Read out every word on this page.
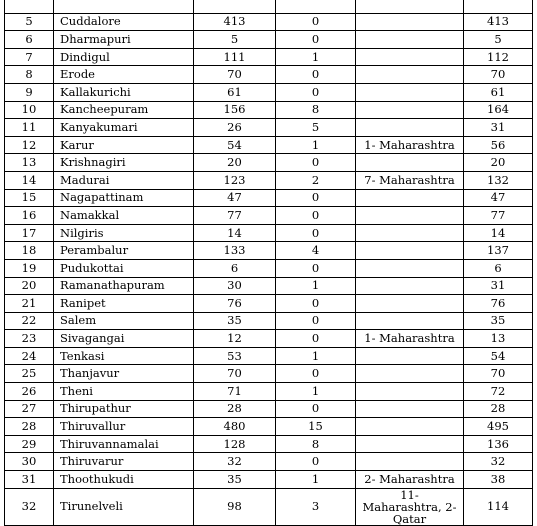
5	Cuddalore	413	0		413
6	Dharmapuri	5	0		5
7	Dindigul	111	1		112
8	Erode	70	0		70
9	Kallakurichi	61	0		61
10	Kancheepuram	156	8		164
11	Kanyakumari	26	5		31
12	Karur	54	1	1- Maharashtra	56
13	Krishnagiri	20	0		20
14	Madurai	123	2	7- Maharashtra	132
15	Nagapattinam	47	0		47
16	Namakkal	77	0		77
17	Nilgiris	14	0		14
18	Perambalur	133	4		137
19	Pudukottai	6	0		6
20	Ramanathapuram	30	1		31
21	Ranipet	76	0		76
22	Salem	35	0		35
23	Sivagangai	12	0	1- Maharashtra	13
24	Tenkasi	53	1		54
25	Thanjavur	70	0		70
26	Theni	71	1		72
27	Thirupathur	28	0		28
28	Thiruvallur	480	15		495
29	Thiruvannamalai	128	8		136
30	Thiruvarur	32	0		32
31	Thoothukudi	35	1	2- Maharashtra	38
32	Tirunelveli	98	3	11- Maharashtra, 2-Qatar	114
